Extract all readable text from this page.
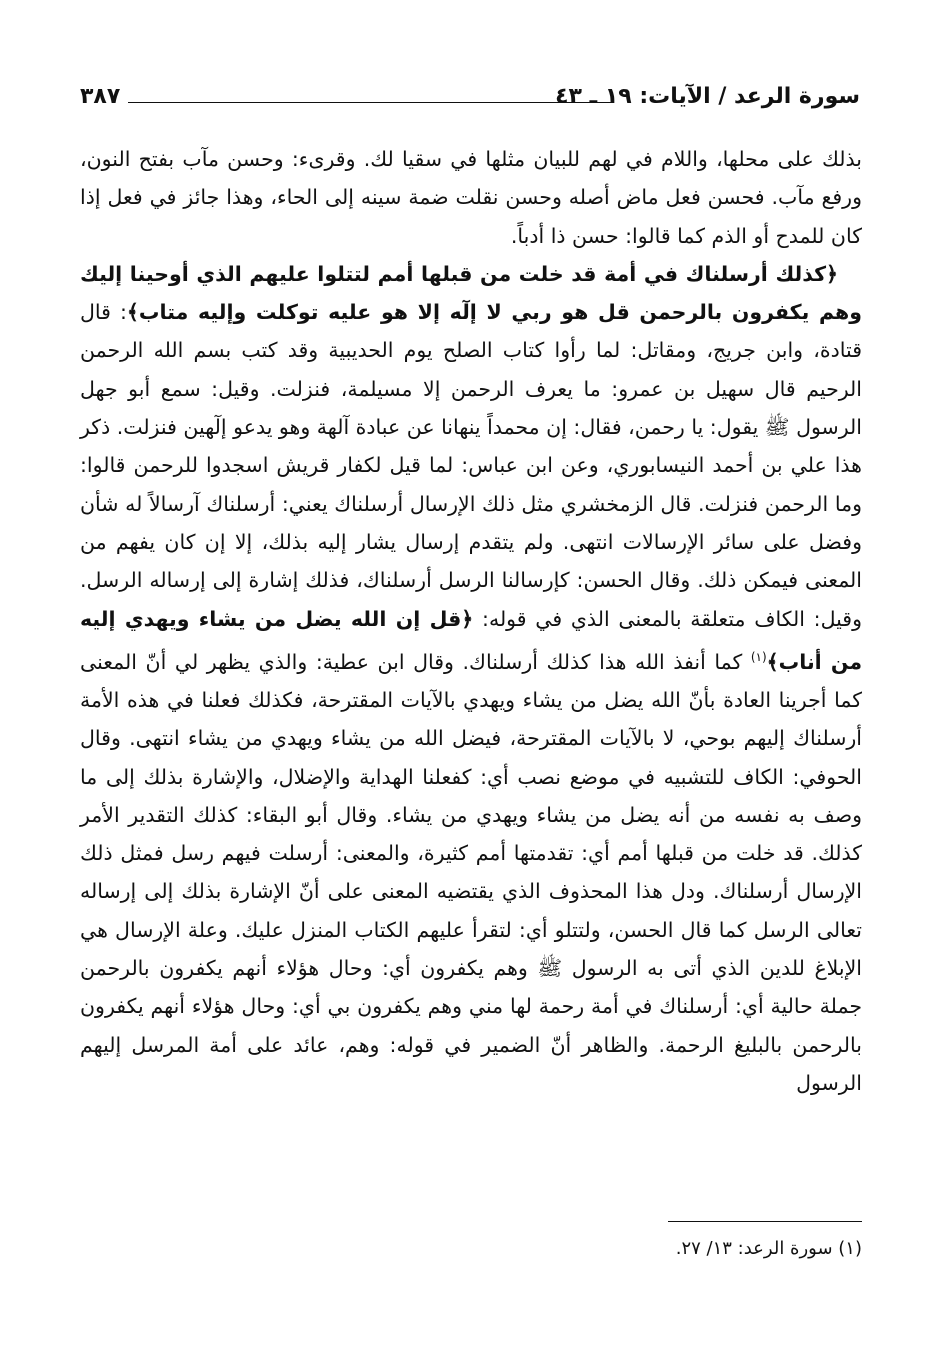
سورة الرعد / الآيات: ١٩ ـ ٤٣
٣٨٧

بذلك على محلها، واللام في لهم للبيان مثلها في سقيا لك. وقرىء: وحسن مآب بفتح النون، ورفع مآب. فحسن فعل ماض أصله وحسن نقلت ضمة سينه إلى الحاء، وهذا جائز في فعل إذا كان للمدح أو الذم كما قالوا: حسن ذا أدباً.

﴿كذلك أرسلناك في أمة قد خلت من قبلها أمم لتتلوا عليهم الذي أوحينا إليك وهم يكفرون بالرحمن قل هو ربي لا إلٓه إلا هو عليه توكلت وإليه متاب﴾: قال قتادة، وابن جريج، ومقاتل: لما رأوا كتاب الصلح يوم الحديبية وقد كتب بسم الله الرحمن الرحيم قال سهيل بن عمرو: ما يعرف الرحمن إلا مسيلمة، فنزلت. وقيل: سمع أبو جهل الرسول ﷺ يقول: يا رحمن، فقال: إن محمداً ينهانا عن عبادة آلهة وهو يدعو إلٓهين فنزلت. ذكر هذا علي بن أحمد النيسابوري، وعن ابن عباس: لما قيل لكفار قريش اسجدوا للرحمن قالوا: وما الرحمن فنزلت. قال الزمخشري مثل ذلك الإرسال أرسلناك يعني: أرسلناك آرسالاً له شأن وفضل على سائر الإرسالات انتهى. ولم يتقدم إرسال يشار إليه بذلك، إلا إن كان يفهم من المعنى فيمكن ذلك. وقال الحسن: كإرسالنا الرسل أرسلناك، فذلك إشارة إلى إرساله الرسل. وقيل: الكاف متعلقة بالمعنى الذي في قوله: ﴿قل إن الله يضل من يشاء ويهدي إليه من أناب﴾$^{(١)}$ كما أنفذ الله هذا كذلك أرسلناك. وقال ابن عطية: والذي يظهر لي أنّ المعنى كما أجرينا العادة بأنّ الله يضل من يشاء ويهدي بالآيات المقترحة، فكذلك فعلنا في هذه الأمة أرسلناك إليهم بوحي، لا بالآيات المقترحة، فيضل الله من يشاء ويهدي من يشاء انتهى. وقال الحوفي: الكاف للتشبيه في موضع نصب أي: كفعلنا الهداية والإضلال، والإشارة بذلك إلى ما وصف به نفسه من أنه يضل من يشاء ويهدي من يشاء. وقال أبو البقاء: كذلك التقدير الأمر كذلك. قد خلت من قبلها أمم أي: تقدمتها أمم كثيرة، والمعنى: أرسلت فيهم رسل فمثل ذلك الإرسال أرسلناك. ودل هذا المحذوف الذي يقتضيه المعنى على أنّ الإشارة بذلك إلى إرساله تعالى الرسل كما قال الحسن، ولتتلو أي: لتقرأ عليهم الكتاب المنزل عليك. وعلة الإرسال هي الإبلاغ للدين الذي أتى به الرسول ﷺ وهم يكفرون أي: وحال هؤلاء أنهم يكفرون بالرحمن جملة حالية أي: أرسلناك في أمة رحمة لها مني وهم يكفرون بي أي: وحال هؤلاء أنهم يكفرون بالرحمن بالبليغ الرحمة. والظاهر أنّ الضمير في قوله: وهم، عائد على أمة المرسل إليهم الرسول

(١) سورة الرعد: ١٣/ ٢٧.
